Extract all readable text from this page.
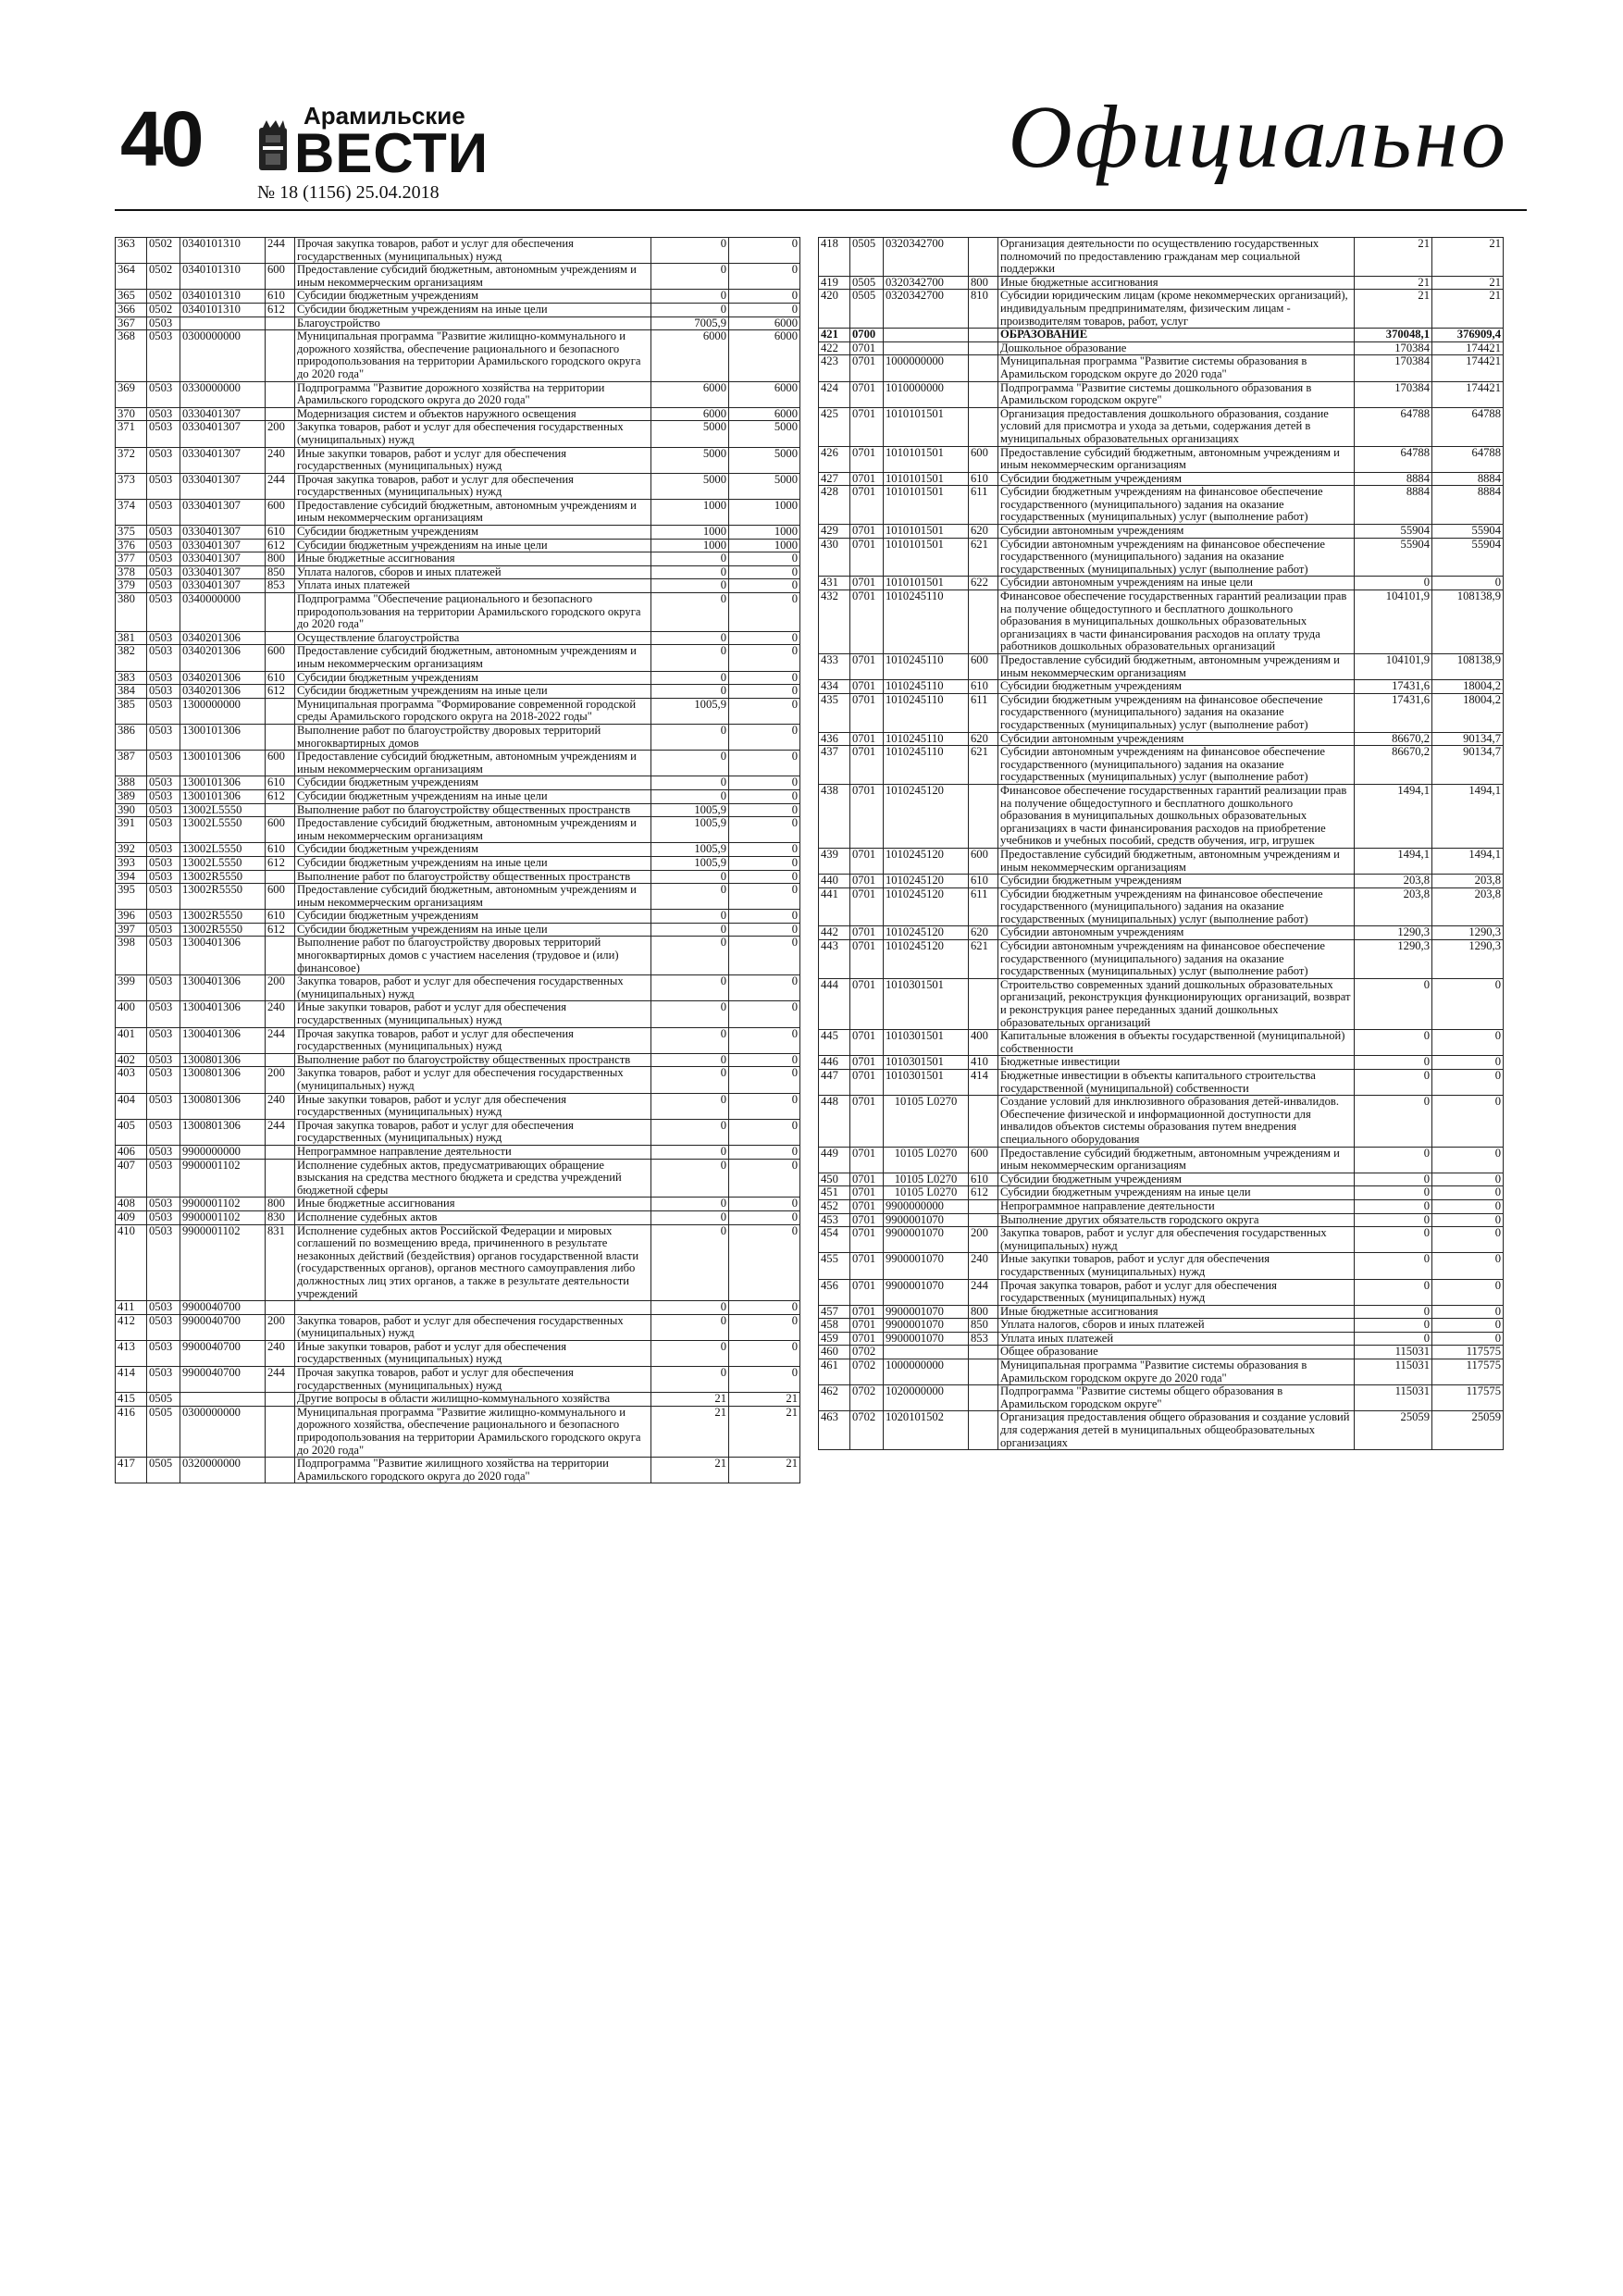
40	Арамильские
ВЕСТИ
№ 18 (1156) 25.04.2018
Официально
363	0502	0340101310	244	Прочая закупка товаров, работ и услуг для обеспечения государственных (муниципальных) нужд	0	0
364	0502	0340101310	600	Предоставление субсидий бюджетным, автономным учреждениям и иным некоммерческим организациям	0	0
365	0502	0340101310	610	Субсидии бюджетным учреждениям	0	0
366	0502	0340101310	612	Субсидии бюджетным учреждениям на иные цели	0	0
367	0503			Благоустройство	7005,9	6000
368	0503	0300000000		Муниципальная программа "Развитие жилищно-коммунального и дорожного хозяйства, обеспечение рационального и безопасного природопользования на территории Арамильского городского округа до 2020 года"	6000	6000
369	0503	0330000000		Подпрограмма "Развитие дорожного хозяйства на территории Арамильского городского округа до 2020 года"	6000	6000
370	0503	0330401307		Модернизация систем и объектов наружного освещения	6000	6000
371	0503	0330401307	200	Закупка товаров, работ и услуг для обеспечения государственных (муниципальных) нужд	5000	5000
372	0503	0330401307	240	Иные закупки товаров, работ и услуг для обеспечения государственных (муниципальных) нужд	5000	5000
373	0503	0330401307	244	Прочая закупка товаров, работ и услуг для обеспечения государственных (муниципальных) нужд	5000	5000
374	0503	0330401307	600	Предоставление субсидий бюджетным, автономным учреждениям и иным некоммерческим организациям	1000	1000
375	0503	0330401307	610	Субсидии бюджетным учреждениям	1000	1000
376	0503	0330401307	612	Субсидии бюджетным учреждениям на иные цели	1000	1000
377	0503	0330401307	800	Иные бюджетные ассигнования	0	0
378	0503	0330401307	850	Уплата налогов, сборов и иных платежей	0	0
379	0503	0330401307	853	Уплата иных платежей	0	0
380	0503	0340000000		Подпрограмма "Обеспечение рационального и безопасного природопользования на территории Арамильского городского округа до 2020 года"	0	0
381	0503	0340201306		Осуществление благоустройства	0	0
382	0503	0340201306	600	Предоставление субсидий бюджетным, автономным учреждениям и иным некоммерческим организациям	0	0
383	0503	0340201306	610	Субсидии бюджетным учреждениям	0	0
384	0503	0340201306	612	Субсидии бюджетным учреждениям на иные цели	0	0
385	0503	1300000000		Муниципальная программа "Формирование современной городской среды Арамильского городского округа на 2018-2022 годы"	1005,9	0
386	0503	1300101306		Выполнение работ по благоустройству дворовых территорий многоквартирных домов	0	0
387	0503	1300101306	600	Предоставление субсидий бюджетным, автономным учреждениям и иным некоммерческим организациям	0	0
388	0503	1300101306	610	Субсидии бюджетным учреждениям	0	0
389	0503	1300101306	612	Субсидии бюджетным учреждениям на иные цели	0	0
390	0503	13002L5550		Выполнение работ по благоустройству общественных пространств	1005,9	0
391	0503	13002L5550	600	Предоставление субсидий бюджетным, автономным учреждениям и иным некоммерческим организациям	1005,9	0
392	0503	13002L5550	610	Субсидии бюджетным учреждениям	1005,9	0
393	0503	13002L5550	612	Субсидии бюджетным учреждениям на иные цели	1005,9	0
394	0503	13002R5550		Выполнение работ по благоустройству общественных пространств	0	0
395	0503	13002R5550	600	Предоставление субсидий бюджетным, автономным учреждениям и иным некоммерческим организациям	0	0
396	0503	13002R5550	610	Субсидии бюджетным учреждениям	0	0
397	0503	13002R5550	612	Субсидии бюджетным учреждениям на иные цели	0	0
398	0503	1300401306		Выполнение работ по благоустройству дворовых территорий многоквартирных домов с участием населения (трудовое и (или) финансовое)	0	0
399	0503	1300401306	200	Закупка товаров, работ и услуг для обеспечения государственных (муниципальных) нужд	0	0
400	0503	1300401306	240	Иные закупки товаров, работ и услуг для обеспечения государственных (муниципальных) нужд	0	0
401	0503	1300401306	244	Прочая закупка товаров, работ и услуг для обеспечения государственных (муниципальных) нужд	0	0
402	0503	1300801306		Выполнение работ по благоустройству общественных пространств	0	0
403	0503	1300801306	200	Закупка товаров, работ и услуг для обеспечения государственных (муниципальных) нужд	0	0
404	0503	1300801306	240	Иные закупки товаров, работ и услуг для обеспечения государственных (муниципальных) нужд	0	0
405	0503	1300801306	244	Прочая закупка товаров, работ и услуг для обеспечения государственных (муниципальных) нужд	0	0
406	0503	9900000000		Непрограммное направление деятельности	0	0
407	0503	9900001102		Исполнение судебных актов, предусматривающих обращение взыскания на средства местного бюджета и средства учреждений бюджетной сферы	0	0
408	0503	9900001102	800	Иные бюджетные ассигнования	0	0
409	0503	9900001102	830	Исполнение судебных актов	0	0
410	0503	9900001102	831	Исполнение судебных актов Российской Федерации и мировых соглашений по возмещению вреда, причиненного в результате незаконных действий (бездействия) органов государственной власти (государственных органов), органов местного самоуправления либо должностных лиц этих органов, а также в результате деятельности учреждений	0	0
411	0503	9900040700			0	0
412	0503	9900040700	200	Закупка товаров, работ и услуг для обеспечения государственных (муниципальных) нужд	0	0
413	0503	9900040700	240	Иные закупки товаров, работ и услуг для обеспечения государственных (муниципальных) нужд	0	0
414	0503	9900040700	244	Прочая закупка товаров, работ и услуг для обеспечения государственных (муниципальных) нужд	0	0
415	0505			Другие вопросы в области жилищно-коммунального хозяйства	21	21
416	0505	0300000000		Муниципальная программа "Развитие жилищно-коммунального и дорожного хозяйства, обеспечение рационального и безопасного природопользования на территории Арамильского городского округа до 2020 года"	21	21
417	0505	0320000000		Подпрограмма "Развитие жилищного хозяйства на территории Арамильского городского округа до 2020 года"	21	21
418	0505	0320342700		Организация деятельности по осуществлению государственных полномочий по предоставлению гражданам мер социальной поддержки	21	21
419	0505	0320342700	800	Иные бюджетные ассигнования	21	21
420	0505	0320342700	810	Субсидии юридическим лицам (кроме некоммерческих организаций), индивидуальным предпринимателям, физическим лицам - производителям товаров, работ, услуг	21	21
421	0700			ОБРАЗОВАНИЕ	370048,1	376909,4
422	0701			Дошкольное образование	170384	174421
423	0701	1000000000		Муниципальная программа "Развитие системы образования в Арамильском городском округе до 2020 года"	170384	174421
424	0701	1010000000		Подпрограмма "Развитие системы дошкольного образования в Арамильском городском округе"	170384	174421
425	0701	1010101501		Организация предоставления дошкольного образования, создание условий для присмотра и ухода за детьми, содержания детей в муниципальных образовательных организациях	64788	64788
426	0701	1010101501	600	Предоставление субсидий бюджетным, автономным учреждениям и иным некоммерческим организациям	64788	64788
427	0701	1010101501	610	Субсидии бюджетным учреждениям	8884	8884
428	0701	1010101501	611	Субсидии бюджетным учреждениям на финансовое обеспечение государственного (муниципального) задания на оказание государственных (муниципальных) услуг (выполнение работ)	8884	8884
429	0701	1010101501	620	Субсидии автономным учреждениям	55904	55904
430	0701	1010101501	621	Субсидии автономным учреждениям на финансовое обеспечение государственного (муниципального) задания на оказание государственных (муниципальных) услуг (выполнение работ)	55904	55904
431	0701	1010101501	622	Субсидии автономным учреждениям на иные цели	0	0
432	0701	1010245110		Финансовое обеспечение государственных гарантий реализации прав на получение общедоступного и бесплатного дошкольного образования в муниципальных дошкольных образовательных организациях в части финансирования расходов на оплату труда работников дошкольных образовательных организаций	104101,9	108138,9
433	0701	1010245110	600	Предоставление субсидий бюджетным, автономным учреждениям и иным некоммерческим организациям	104101,9	108138,9
434	0701	1010245110	610	Субсидии бюджетным учреждениям	17431,6	18004,2
435	0701	1010245110	611	Субсидии бюджетным учреждениям на финансовое обеспечение государственного (муниципального) задания на оказание государственных (муниципальных) услуг (выполнение работ)	17431,6	18004,2
436	0701	1010245110	620	Субсидии автономным учреждениям	86670,2	90134,7
437	0701	1010245110	621	Субсидии автономным учреждениям на финансовое обеспечение государственного (муниципального) задания на оказание государственных (муниципальных) услуг (выполнение работ)	86670,2	90134,7
438	0701	1010245120		Финансовое обеспечение государственных гарантий реализации прав на получение общедоступного и бесплатного дошкольного образования в муниципальных дошкольных образовательных организациях в части финансирования расходов на приобретение учебников и учебных пособий, средств обучения, игр, игрушек	1494,1	1494,1
439	0701	1010245120	600	Предоставление субсидий бюджетным, автономным учреждениям и иным некоммерческим организациям	1494,1	1494,1
440	0701	1010245120	610	Субсидии бюджетным учреждениям	203,8	203,8
441	0701	1010245120	611	Субсидии бюджетным учреждениям на финансовое обеспечение государственного (муниципального) задания на оказание государственных (муниципальных) услуг (выполнение работ)	203,8	203,8
442	0701	1010245120	620	Субсидии автономным учреждениям	1290,3	1290,3
443	0701	1010245120	621	Субсидии автономным учреждениям на финансовое обеспечение государственного (муниципального) задания на оказание государственных (муниципальных) услуг (выполнение работ)	1290,3	1290,3
444	0701	1010301501		Строительство современных зданий дошкольных образовательных организаций, реконструкция функционирующих организаций, возврат и реконструкция ранее переданных зданий дошкольных образовательных организаций	0	0
445	0701	1010301501	400	Капитальные вложения в объекты государственной (муниципальной) собственности	0	0
446	0701	1010301501	410	Бюджетные инвестиции	0	0
447	0701	1010301501	414	Бюджетные инвестиции в объекты капитального строительства государственной (муниципальной) собственности	0	0
448	0701	10105 L0270		Создание условий для инклюзивного образования детей-инвалидов. Обеспечение физической и информационной доступности для инвалидов объектов системы образования путем внедрения специального оборудования	0	0
449	0701	10105 L0270	600	Предоставление субсидий бюджетным, автономным учреждениям и иным некоммерческим организациям	0	0
450	0701	10105 L0270	610	Субсидии бюджетным учреждениям	0	0
451	0701	10105 L0270	612	Субсидии бюджетным учреждениям на иные цели	0	0
452	0701	9900000000		Непрограммное направление деятельности	0	0
453	0701	9900001070		Выполнение других обязательств городского округа	0	0
454	0701	9900001070	200	Закупка товаров, работ и услуг для обеспечения государственных (муниципальных) нужд	0	0
455	0701	9900001070	240	Иные закупки товаров, работ и услуг для обеспечения государственных (муниципальных) нужд	0	0
456	0701	9900001070	244	Прочая закупка товаров, работ и услуг для обеспечения государственных (муниципальных) нужд	0	0
457	0701	9900001070	800	Иные бюджетные ассигнования	0	0
458	0701	9900001070	850	Уплата налогов, сборов и иных платежей	0	0
459	0701	9900001070	853	Уплата иных платежей	0	0
460	0702			Общее образование	115031	117575
461	0702	1000000000		Муниципальная программа "Развитие системы образования в Арамильском городском округе до 2020 года"	115031	117575
462	0702	1020000000		Подпрограмма "Развитие системы общего образования в Арамильском городском округе"	115031	117575
463	0702	1020101502		Организация предоставления общего образования и создание условий для содержания детей в муниципальных общеобразовательных организациях	25059	25059
